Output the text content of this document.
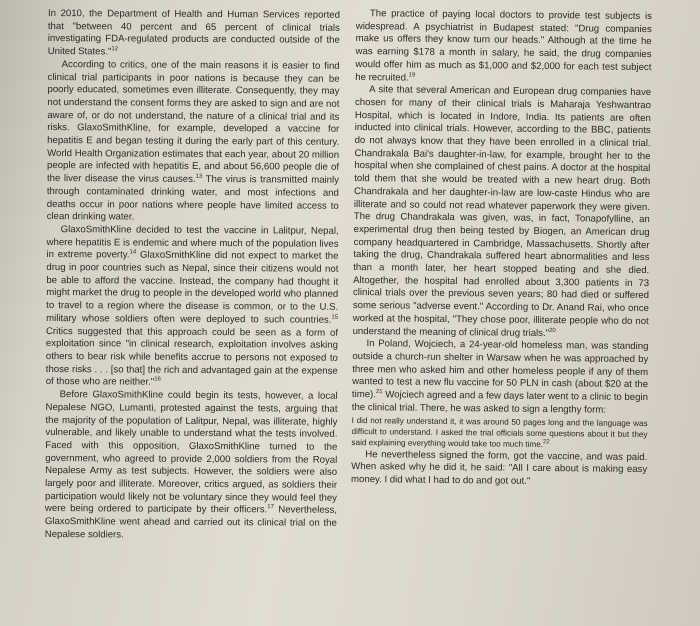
In 2010, the Department of Health and Human Services reported that "between 40 percent and 65 percent of clinical trials investigating FDA-regulated products are conducted outside of the United States."$^{12}$

According to critics, one of the main reasons it is easier to find clinical trial participants in poor nations is because they can be poorly educated, sometimes even illiterate. Consequently, they may not understand the consent forms they are asked to sign and are not aware of, or do not understand, the nature of a clinical trial and its risks. GlaxoSmithKline, for example, developed a vaccine for hepatitis E and began testing it during the early part of this century. World Health Organization estimates that each year, about 20 million people are infected with hepatitis E, and about 56,600 people die of the liver disease the virus causes.$^{13}$ The virus is transmitted mainly through contaminated drinking water, and most infections and deaths occur in poor nations where people have limited access to clean drinking water.

GlaxoSmithKline decided to test the vaccine in Lalitpur, Nepal, where hepatitis E is endemic and where much of the population lives in extreme poverty.$^{14}$ GlaxoSmithKline did not expect to market the drug in poor countries such as Nepal, since their citizens would not be able to afford the vaccine. Instead, the company had thought it might market the drug to people in the developed world who planned to travel to a region where the disease is common, or to the U.S. military whose soldiers often were deployed to such countries.$^{15}$ Critics suggested that this approach could be seen as a form of exploitation since "in clinical research, exploitation involves asking others to bear risk while benefits accrue to persons not exposed to those risks . . . [so that] the rich and advantaged gain at the expense of those who are neither."$^{16}$

Before GlaxoSmithKline could begin its tests, however, a local Nepalese NGO, Lumanti, protested against the tests, arguing that the majority of the population of Lalitpur, Nepal, was illiterate, highly vulnerable, and likely unable to understand what the tests involved. Faced with this opposition, GlaxoSmithKline turned to the government, who agreed to provide 2,000 soldiers from the Royal Nepalese Army as test subjects. However, the soldiers were also largely poor and illiterate. Moreover, critics argued, as soldiers their participation would likely not be voluntary since they would feel they were being ordered to participate by their officers.$^{17}$ Nevertheless, GlaxoSmithKline went ahead and carried out its clinical trial on the Nepalese soldiers.

The practice of paying local doctors to provide test subjects is widespread. A psychiatrist in Budapest stated: "Drug companies make us offers they know turn our heads." Although at the time he was earning $178 a month in salary, he said, the drug companies would offer him as much as $1,000 and $2,000 for each test subject he recruited.$^{19}$

A site that several American and European drug companies have chosen for many of their clinical trials is Maharaja Yeshwantrao Hospital, which is located in Indore, India. Its patients are often inducted into clinical trials. However, according to the BBC, patients do not always know that they have been enrolled in a clinical trial. Chandrakala Bai's daughter-in-law, for example, brought her to the hospital when she complained of chest pains. A doctor at the hospital told them that she would be treated with a new heart drug. Both Chandrakala and her daughter-in-law are low-caste Hindus who are illiterate and so could not read whatever paperwork they were given. The drug Chandrakala was given, was, in fact, Tonapofylline, an experimental drug then being tested by Biogen, an American drug company headquartered in Cambridge, Massachusetts. Shortly after taking the drug, Chandrakala suffered heart abnormalities and less than a month later, her heart stopped beating and she died. Altogether, the hospital had enrolled about 3,300 patients in 73 clinical trials over the previous seven years; 80 had died or suffered some serious "adverse event." According to Dr. Anand Rai, who once worked at the hospital, "They chose poor, illiterate people who do not understand the meaning of clinical drug trials."$^{20}$

In Poland, Wojciech, a 24-year-old homeless man, was standing outside a church-run shelter in Warsaw when he was approached by three men who asked him and other homeless people if any of them wanted to test a new flu vaccine for 50 PLN in cash (about $20 at the time).$^{21}$ Wojciech agreed and a few days later went to a clinic to begin the clinical trial. There, he was asked to sign a lengthy form:

I did not really understand it, it was around 50 pages long and the language was difficult to understand. I asked the trial officials some questions about it but they said explaining everything would take too much time.$^{22}$

He nevertheless signed the form, got the vaccine, and was paid. When asked why he did it, he said: "All I care about is making easy money. I did what I had to do and got out."
